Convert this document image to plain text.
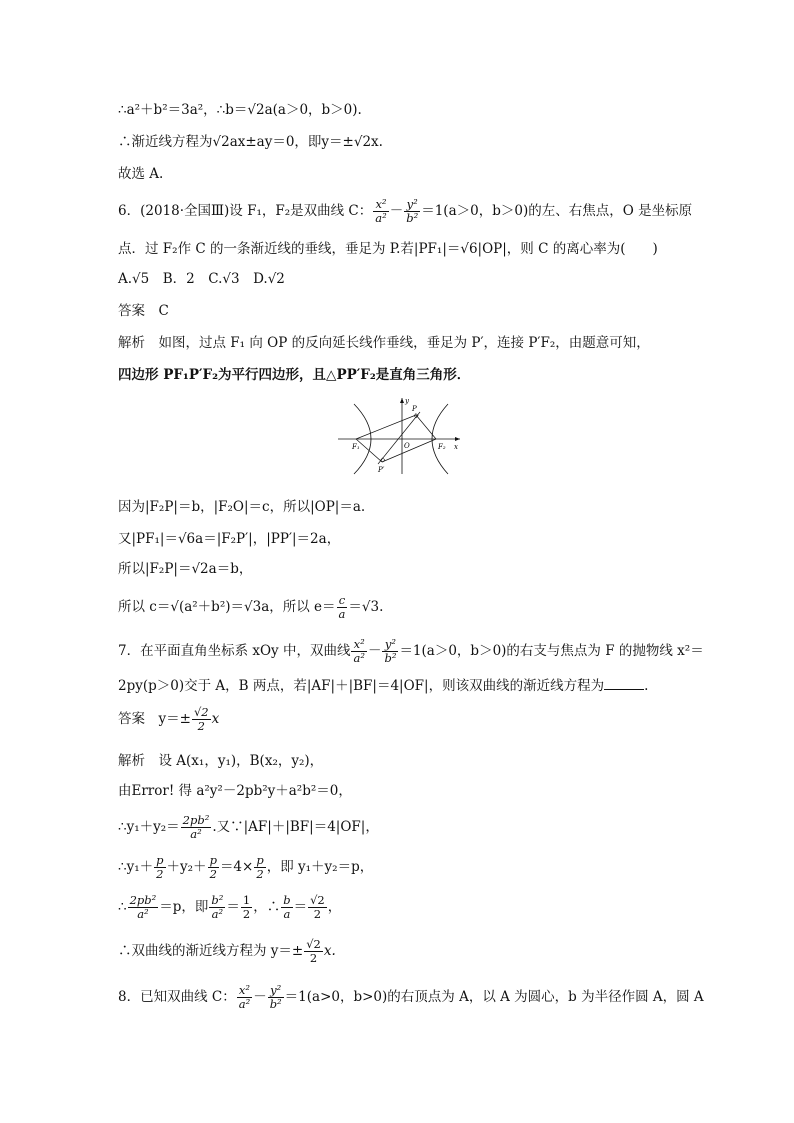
∴a²＋b²＝3a²，∴b＝√2a(a＞0，b＞0).
∴渐近线方程为√2ax±ay＝0，即y＝±√2x.
故选 A.
6．(2018·全国Ⅲ)设 F₁，F₂是双曲线 C： $\frac{\text{x²}}{\text{a²}} - \frac{\text{y²}}{\text{b²}} =1(a>0$，b＞0)的左、右焦点，O 是坐标原
点．过 F₂作 C 的一条渐近线的垂线，垂足为 P.若|PF₁|＝√6|OP|，则 C 的离心率为(　　)
A.√5　B．2　C.√3　D.√2
答案　C
解析　如图，过点 F₁ 向 OP 的反向延长线作垂线，垂足为 P′，连接 P′F₂，由题意可知，
四边形 PF₁P′F₂为平行四边形，且△PP′F₂是直角三角形．
y
x
P
O
F₁	F₂
P′
因为|F₂P|＝b，|F₂O|＝c，所以|OP|＝a.
又|PF₁|＝√6a＝|F₂P′|，|PP′|＝2a，
所以|F₂P|＝√2a＝b，
所以 c＝√(a²＋b²)＝√3a，所以 $e= \frac{c}{a} =√3$.
7．在平面直角坐标系 xOy 中，双曲线 $\frac{\text{x²}}{\text{a²}} - \frac{\text{y²}}{\text{b²}} =1(a>0$，b＞0)的右支与焦点为 F 的抛物线 x²＝
2py(p＞0)交于 A，B 两点，若|AF|＋|BF|＝4|OF|，则该双曲线的渐近线方程为	.
答案　$y=\pm \frac{√2}{2}$ x
解析　设 A(x₁，y₁)，B(x₂，y₂)，
由Error! 得 a²y²－2pb²y＋a²b²＝0，
∴y₁＋y₂＝ $\frac{\text{2pb²}}{\text{a²}}$ .又∵|AF|＋|BF|＝4|OF|，
∴y₁＋ $\frac{p}{2} +y_2+ \frac{p}{2} =4\times \frac{p}{2}$ ，即 y₁＋y₂＝p，
∴ $\frac{\text{2pb²}}{\text{a²}} =p$，即 $\frac{\text{b²}}{\text{a²}} = \frac{1}{2}$ ，∴ $\frac{b}{a} = \frac{√2}{2}$ ，
∴双曲线的渐近线方程为 $y=\pm \frac{√2}{2} x$.
8．已知双曲线 C： $\frac{\text{x²}}{\text{a²}} - \frac{\text{y²}}{\text{b²}} =1(a>0$，b>0)的右顶点为 A，以 A 为圆心，b 为半径作圆 A，圆 A
